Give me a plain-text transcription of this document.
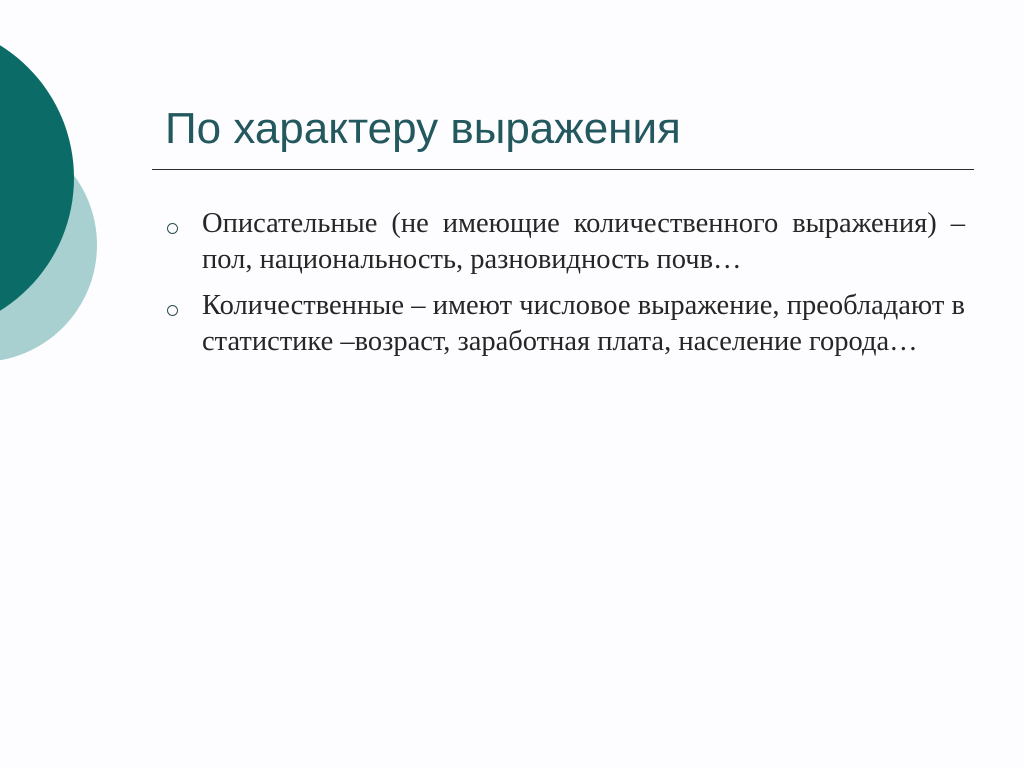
По характеру выражения
Описательные (не имеющие количественного выражения) –пол, национальность, разновидность почв…
Количественные – имеют числовое выражение, преобладают в статистике –возраст, заработная плата, население города…
